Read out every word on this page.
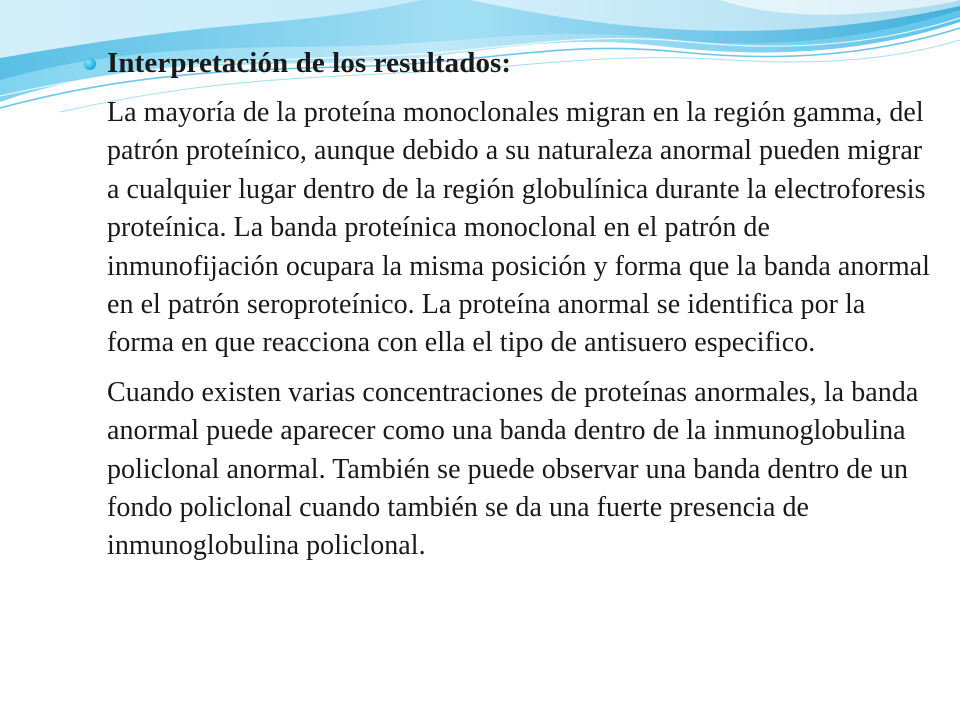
Interpretación de los resultados:

La mayoría de la proteína monoclonales migran en la región gamma, del patrón proteínico, aunque debido a su naturaleza anormal pueden migrar a cualquier lugar dentro de la región globulínica durante la electroforesis proteínica. La banda proteínica monoclonal en el patrón de inmunofijación ocupara la misma posición y forma que la banda anormal en el patrón seroproteínico. La proteína anormal se identifica por la forma en que reacciona con ella el tipo de antisuero especifico.

Cuando existen varias concentraciones de proteínas anormales, la banda anormal puede aparecer como una banda dentro de la inmunoglobulina policlonal anormal. También se puede observar una banda dentro de un fondo policlonal cuando también se da una fuerte presencia de inmunoglobulina policlonal.
